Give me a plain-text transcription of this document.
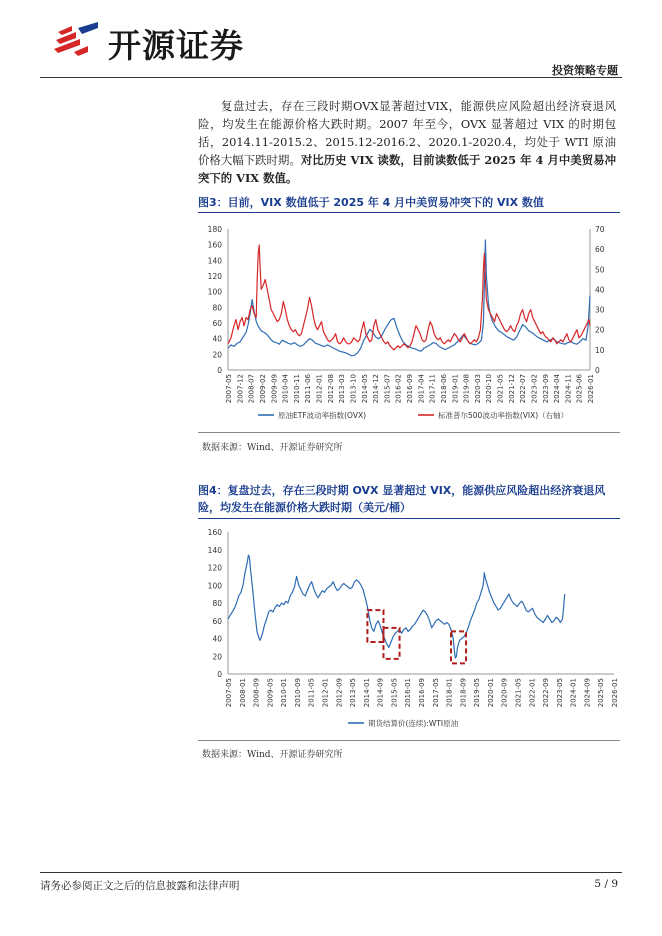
开源证券
投资策略专题

复盘过去，存在三段时期OVX显著超过VIX，能源供应风险超出经济衰退风险，均发生在能源价格大跌时期。2007 年至今，OVX 显著超过 VIX 的时期包括，2014.11-2015.2、2015.12-2016.2、2020.1-2020.4，均处于 WTI 原油价格大幅下跌时期。对比历史 VIX 读数，目前读数低于 2025 年 4 月中美贸易冲突下的 VIX 数值。

图3：目前，VIX 数值低于 2025 年 4 月中美贸易冲突下的 VIX 数值
0
20
40
60
80
100
120
140
160
180
0
10
20
30
40
50
60
70
2007-05 2007-12 2008-07 2009-02 2009-09 2010-04 2010-11 2011-06 2012-01 2012-08 2013-03 2013-10 2014-05 2014-12 2015-07 2016-02 2016-09 2017-04 2017-11 2018-06 2019-01 2019-08 2020-03 2020-10 2021-05 2021-12 2022-07 2023-02 2023-09 2024-04 2024-11 2025-06 2026-01
原油ETF波动率指数(OVX)	标准普尔500波动率指数(VIX)（右轴）
数据来源：Wind、开源证券研究所
图4：复盘过去，存在三段时期 OVX 显著超过 VIX，能源供应风险超出经济衰退风险，均发生在能源价格大跌时期（美元/桶）
0
20
40
60
80
100
120
140
160
2007-05 2008-01 2008-09 2009-05 2010-01 2010-09 2011-05 2012-01 2012-09 2013-05 2014-01 2014-09 2015-05 2016-01 2016-09 2017-05 2018-01 2018-09 2019-05 2020-01 2020-09 2021-05 2022-01 2022-09 2023-05 2024-01 2024-09 2025-05 2026-01
期货结算价(连续):WTI原油
数据来源：Wind、开源证券研究所
请务必参阅正文之后的信息披露和法律声明	5 / 9
